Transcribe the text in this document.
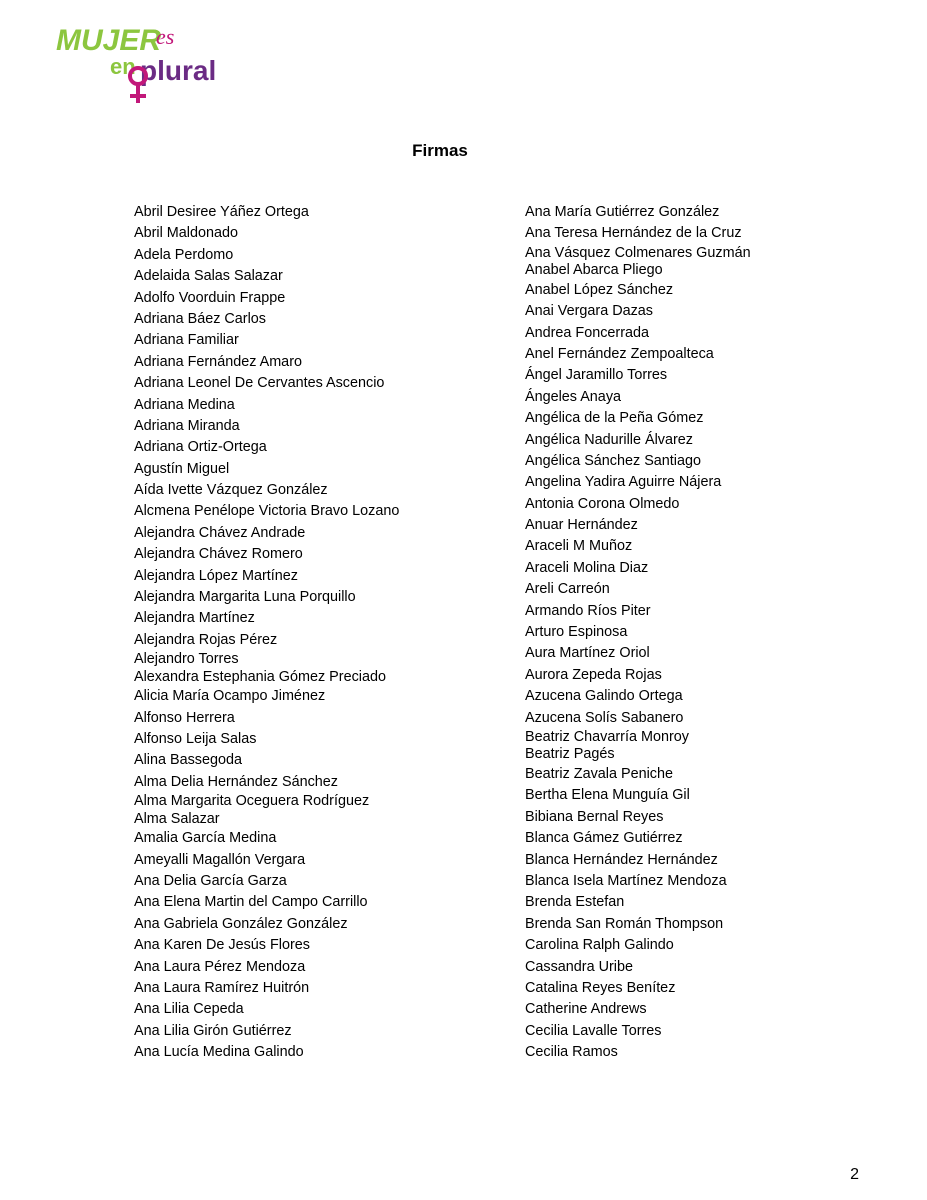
MUJER
es
en plural
Firmas
Abril Desiree Yáñez Ortega
Abril Maldonado
Adela Perdomo
Adelaida Salas Salazar
Adolfo Voorduin Frappe
Adriana Báez Carlos
Adriana Familiar
Adriana Fernández Amaro
Adriana Leonel De Cervantes Ascencio
Adriana Medina
Adriana Miranda
Adriana Ortiz-Ortega
Agustín Miguel
Aída Ivette Vázquez González
Alcmena Penélope Victoria Bravo Lozano
Alejandra Chávez Andrade
Alejandra Chávez Romero
Alejandra López Martínez
Alejandra Margarita Luna Porquillo
Alejandra Martínez
Alejandra Rojas Pérez
Alejandro Torres
Alexandra Estephania Gómez Preciado
Alicia María Ocampo Jiménez
Alfonso Herrera
Alfonso Leija Salas
Alina Bassegoda
Alma Delia Hernández Sánchez
Alma Margarita Oceguera Rodríguez
Alma Salazar
Amalia García Medina
Ameyalli Magallón Vergara
Ana Delia García Garza
Ana Elena Martin del Campo Carrillo
Ana Gabriela González González
Ana Karen De Jesús Flores
Ana Laura Pérez Mendoza
Ana Laura Ramírez Huitrón
Ana Lilia Cepeda
Ana Lilia Girón Gutiérrez
Ana Lucía Medina Galindo
Ana María Gutiérrez González
Ana Teresa Hernández de la Cruz
Ana Vásquez Colmenares Guzmán
Anabel Abarca Pliego
Anabel López Sánchez
Anai Vergara Dazas
Andrea Foncerrada
Anel Fernández Zempoalteca
Ángel Jaramillo Torres
Ángeles Anaya
Angélica de la Peña Gómez
Angélica Nadurille Álvarez
Angélica Sánchez Santiago
Angelina Yadira Aguirre Nájera
Antonia Corona Olmedo
Anuar Hernández
Araceli M Muñoz
Araceli Molina Diaz
Areli Carreón
Armando Ríos Piter
Arturo Espinosa
Aura Martínez Oriol
Aurora Zepeda Rojas
Azucena Galindo Ortega
Azucena Solís Sabanero
Beatriz Chavarría Monroy
Beatriz Pagés
Beatriz Zavala Peniche
Bertha Elena Munguía Gil
Bibiana Bernal Reyes
Blanca Gámez Gutiérrez
Blanca Hernández Hernández
Blanca Isela Martínez Mendoza
Brenda Estefan
Brenda San Román Thompson
Carolina Ralph Galindo
Cassandra Uribe
Catalina Reyes Benítez
Catherine Andrews
Cecilia Lavalle Torres
Cecilia Ramos
2
